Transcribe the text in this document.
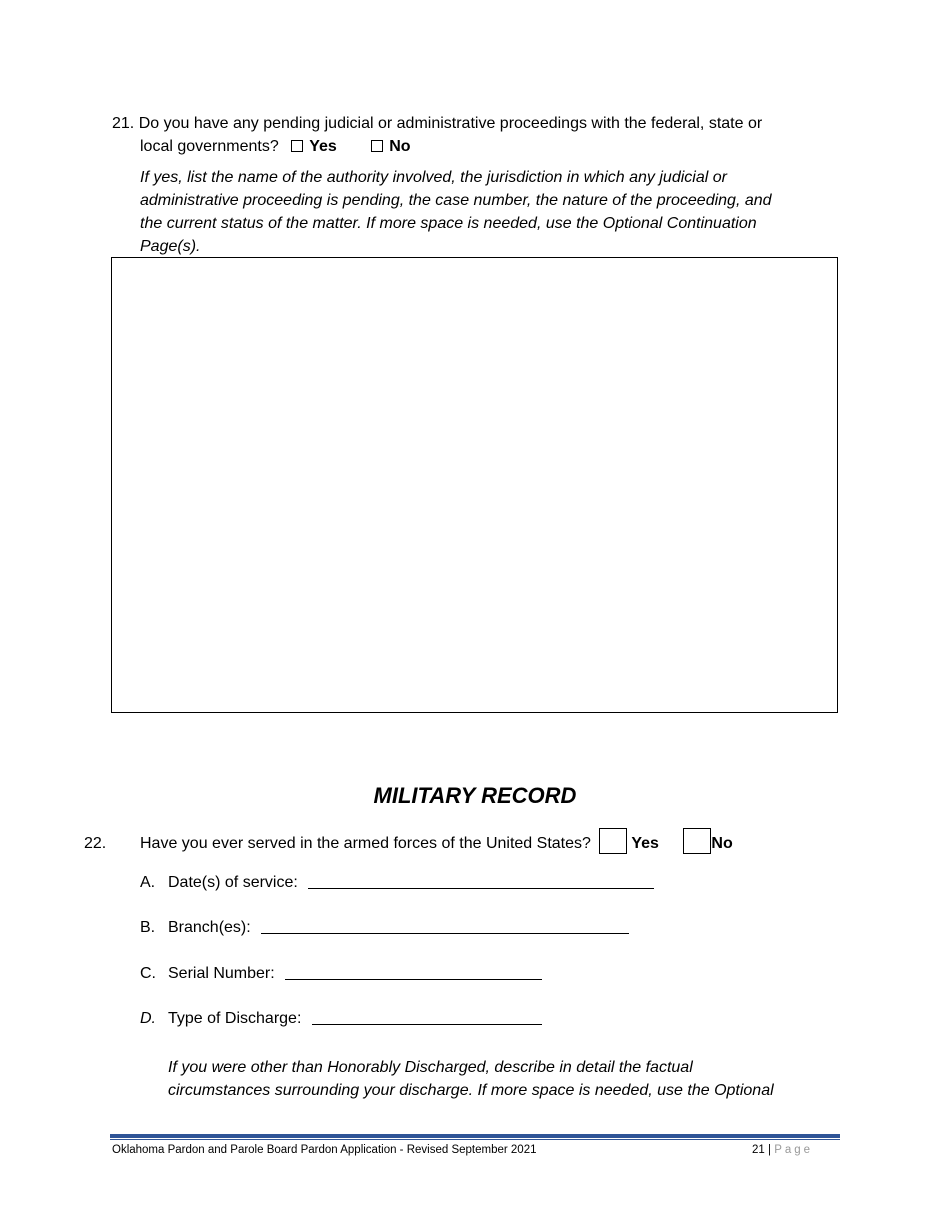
21. Do you have any pending judicial or administrative proceedings with the federal, state or
local governments? Yes	No
If yes, list the name of the authority involved, the jurisdiction in which any judicial or
administrative proceeding is pending, the case number, the nature of the proceeding, and
the current status of the matter. If more space is needed, use the Optional Continuation
Page(s).
MILITARY RECORD
22. Have you ever served in the armed forces of the United States?	Yes	No
A. Date(s) of service:
B. Branch(es):
C. Serial Number:
D. Type of Discharge:
If you were other than Honorably Discharged, describe in detail the factual
circumstances surrounding your discharge. If more space is needed, use the Optional
Oklahoma Pardon and Parole Board Pardon Application - Revised September 2021	21 | Page
